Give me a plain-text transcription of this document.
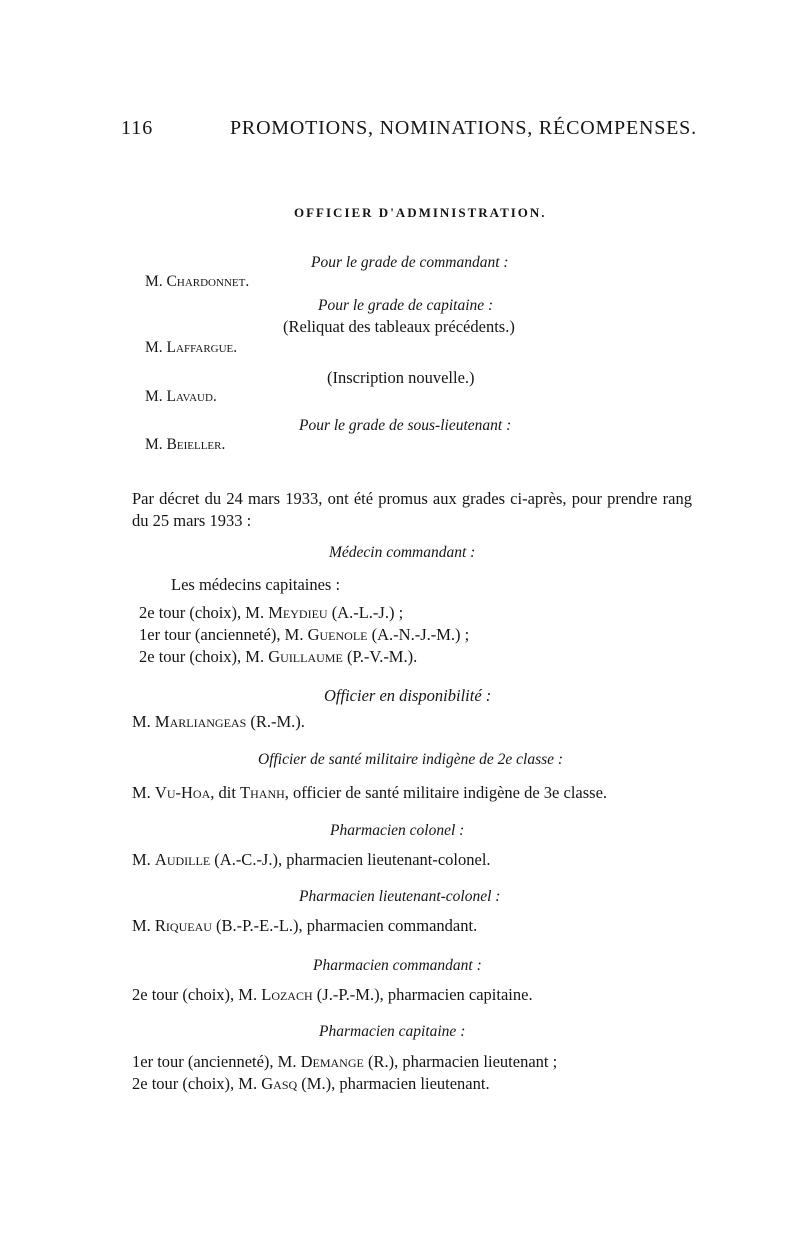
116	PROMOTIONS, NOMINATIONS, RÉCOMPENSES.
OFFICIER D'ADMINISTRATION.
Pour le grade de commandant :
M. Chardonnet.
Pour le grade de capitaine :
(Reliquat des tableaux précédents.)
M. Laffargue.
(Inscription nouvelle.)
M. Lavaud.
Pour le grade de sous-lieutenant :
M. Beieller.
Par décret du 24 mars 1933, ont été promus aux grades ci-après, pour prendre rang du 25 mars 1933 :
Médecin commandant :
Les médecins capitaines :
2e tour (choix), M. Meydieu (A.-L.-J.) ;
1er tour (ancienneté), M. Guenole (A.-N.-J.-M.) ;
2e tour (choix), M. Guillaume (P.-V.-M.).
Officier en disponibilité :
M. Marliangeas (R.-M.).
Officier de santé militaire indigène de 2e classe :
M. Vu-Hoa, dit Thanh, officier de santé militaire indigène de 3e classe.
Pharmacien colonel :
M. Audille (A.-C.-J.), pharmacien lieutenant-colonel.
Pharmacien lieutenant-colonel :
M. Riqueau (B.-P.-E.-L.), pharmacien commandant.
Pharmacien commandant :
2e tour (choix), M. Lozach (J.-P.-M.), pharmacien capitaine.
Pharmacien capitaine :
1er tour (ancienneté), M. Demange (R.), pharmacien lieutenant ;
2e tour (choix), M. Gasq (M.), pharmacien lieutenant.
